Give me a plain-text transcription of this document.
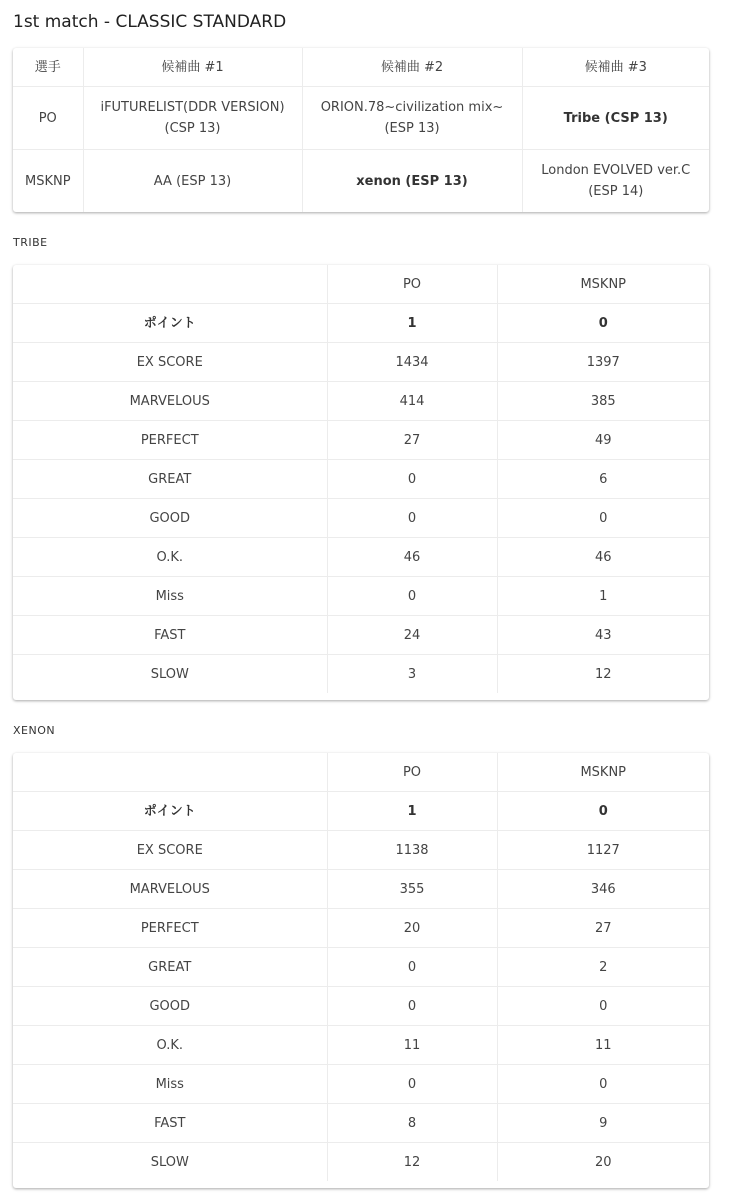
1st match - CLASSIC STANDARD
選手	候補曲 #1	候補曲 #2	候補曲 #3
PO	iFUTURELIST(DDR VERSION) (CSP 13)	ORION.78~civilization mix~ (ESP 13)	Tribe (CSP 13)
MSKNP	AA (ESP 13)	xenon (ESP 13)	London EVOLVED ver.C (ESP 14)
TRIBE
	PO	MSKNP
ポイント	1	0
EX SCORE	1434	1397
MARVELOUS	414	385
PERFECT	27	49
GREAT	0	6
GOOD	0	0
O.K.	46	46
Miss	0	1
FAST	24	43
SLOW	3	12
XENON
	PO	MSKNP
ポイント	1	0
EX SCORE	1138	1127
MARVELOUS	355	346
PERFECT	20	27
GREAT	0	2
GOOD	0	0
O.K.	11	11
Miss	0	0
FAST	8	9
SLOW	12	20
